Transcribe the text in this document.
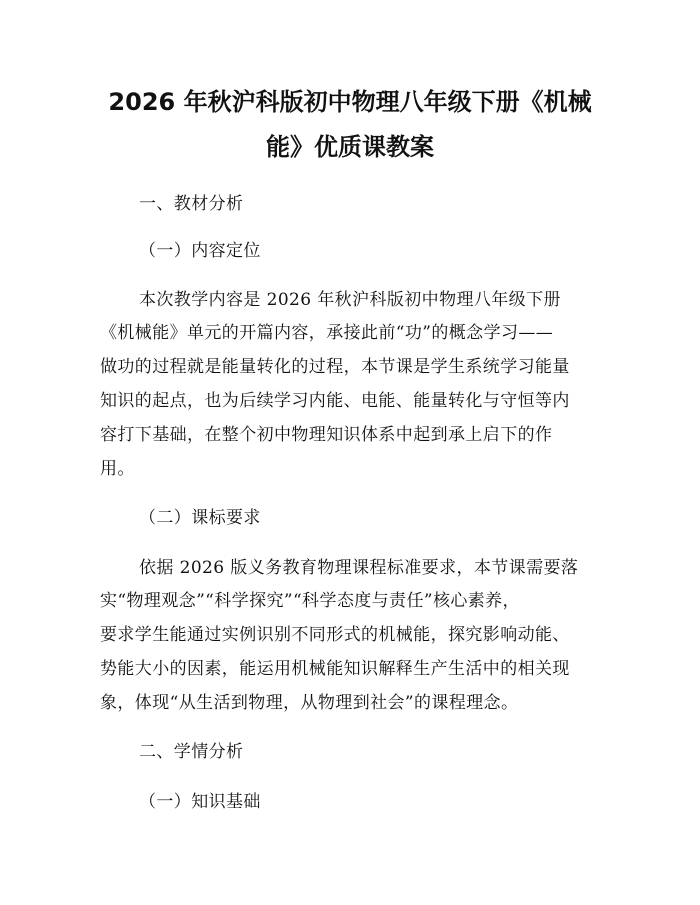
2026 年秋沪科版初中物理八年级下册《机械
能》优质课教案

一、教材分析

（一）内容定位

本次教学内容是 2026 年秋沪科版初中物理八年级下册

《机械能》单元的开篇内容，承接此前“功”的概念学习——

做功的过程就是能量转化的过程，本节课是学生系统学习能量

知识的起点，也为后续学习内能、电能、能量转化与守恒等内

容打下基础，在整个初中物理知识体系中起到承上启下的作

用。

（二）课标要求

依据 2026 版义务教育物理课程标准要求，本节课需要落

实“物理观念”“科学探究”“科学态度与责任”核心素养，

要求学生能通过实例识别不同形式的机械能，探究影响动能、

势能大小的因素，能运用机械能知识解释生产生活中的相关现

象，体现“从生活到物理，从物理到社会”的课程理念。

二、学情分析

（一）知识基础
